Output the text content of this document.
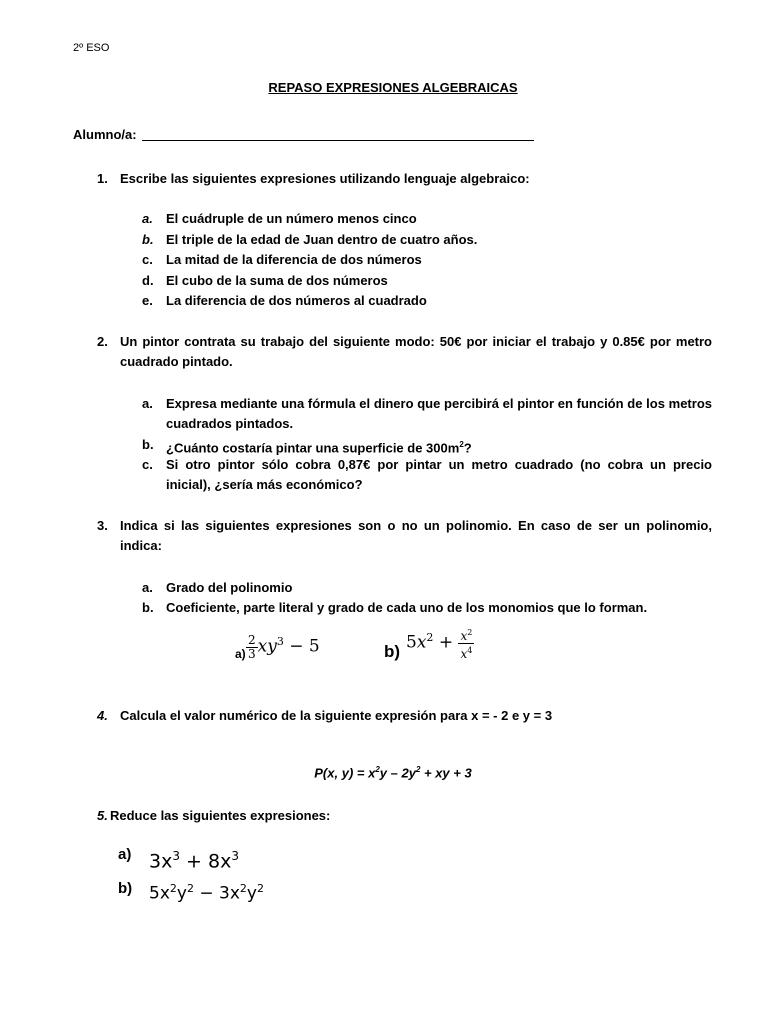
2º ESO
REPASO EXPRESIONES ALGEBRAICAS
Alumno/a:
1. Escribe las siguientes expresiones utilizando lenguaje algebraico:
a. El cuádruple de un número menos cinco
b. El triple de la edad de Juan dentro de cuatro años.
c. La mitad de la diferencia de dos números
d. El cubo de la suma de dos números
e. La diferencia de dos números al cuadrado
2. Un pintor contrata su trabajo del siguiente modo: 50€ por iniciar el trabajo y 0.85€ por metro cuadrado pintado.
a. Expresa mediante una fórmula el dinero que percibirá el pintor en función de los metros cuadrados pintados.
b. ¿Cuánto costaría pintar una superficie de $300m^2$?
c. Si otro pintor sólo cobra 0,87€ por pintar un metro cuadrado (no cobra un precio inicial), ¿sería más económico?
3. Indica si las siguientes expresiones son o no un polinomio. En caso de ser un polinomio, indica:
a. Grado del polinomio
b. Coeficiente, parte literal y grado de cada uno de los monomios que lo forman.
$a) \frac{2}{3} xy^3 - 5$	b) $5x^2 + \frac{x^2}{x^4}$
4. Calcula el valor numérico de la siguiente expresión para x = - 2 e y = 3
P(x, $y) = x^2y - 2y^2$ + xy + 3
5. Reduce las siguientes expresiones:
a) $3x^3 + 8x^3$
b) $5x^2y^2 - 3x^2y^2$
